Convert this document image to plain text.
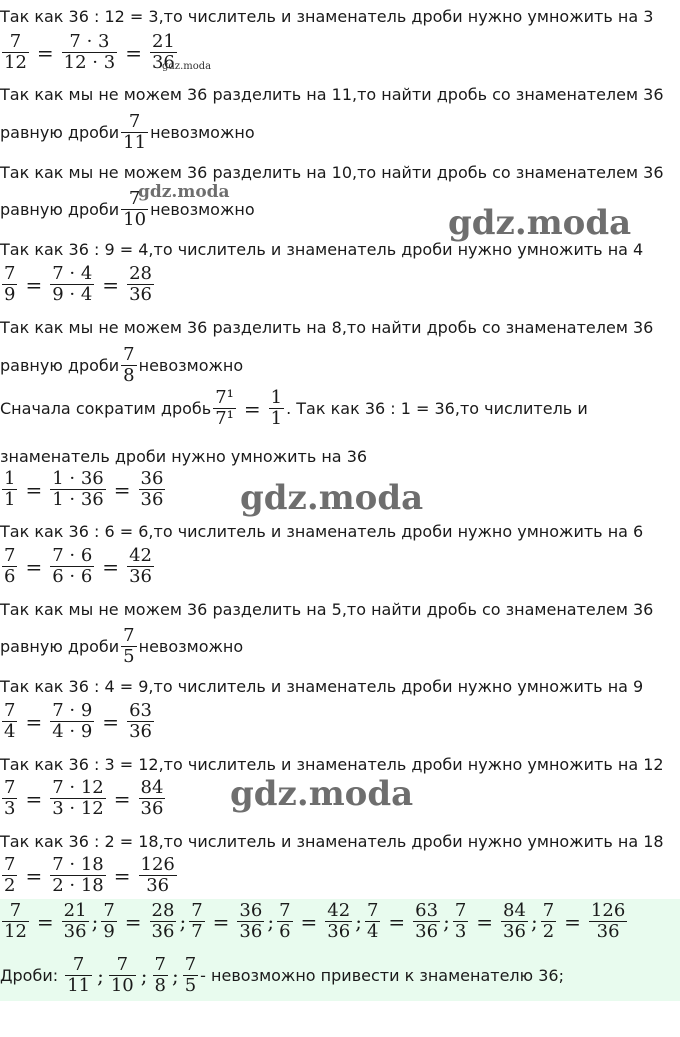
Так как 36 : 12 = 3,то числитель и знаменатель дроби нужно умножить на 3
$\frac{7}{12} = \frac{7 \cdot 3}{12 \cdot 3} = \frac{21}{36}$
gdz.moda
Так как мы не можем 36 разделить на 11,то найти дробь со знаменателем 36
равную дроби $\frac{7}{11}$ невозможно
Так как мы не можем 36 разделить на 10,то найти дробь со знаменателем 36
равную дроби $\frac{7}{10}$ невозможно
gdz.moda
gdz.moda
Так как 36 : 9 = 4,то числитель и знаменатель дроби нужно умножить на 4
$\frac{7}{9} = \frac{7 \cdot 4}{9 \cdot 4} = \frac{28}{36}$
Так как мы не можем 36 разделить на 8,то найти дробь со знаменателем 36
равную дроби $\frac{7}{8}$ невозможно
Сначала сократим дробь $\frac{\text{7¹}}{\text{7¹}} = \frac{1}{1}$ . Так как 36 : 1 = 36,то числитель и
знаменатель дроби нужно умножить на 36
$\frac{1}{1} = \frac{1 \cdot 36}{1 \cdot 36} = \frac{36}{36}$ gdz.moda
Так как 36 : 6 = 6,то числитель и знаменатель дроби нужно умножить на 6
$\frac{7}{6} = \frac{7 \cdot 6}{6 \cdot 6} = \frac{42}{36}$
Так как мы не можем 36 разделить на 5,то найти дробь со знаменателем 36
равную дроби $\frac{7}{5}$ невозможно
Так как 36 : 4 = 9,то числитель и знаменатель дроби нужно умножить на 9
$\frac{7}{4} = \frac{7 \cdot 9}{4 \cdot 9} = \frac{63}{36}$
Так как 36 : 3 = 12,то числитель и знаменатель дроби нужно умножить на 12
$\frac{7}{3} = \frac{7 \cdot 12}{3 \cdot 12} = \frac{84}{36}$ gdz.moda
Так как 36 : 2 = 18,то числитель и знаменатель дроби нужно умножить на 18
$\frac{7}{2} = \frac{7 \cdot 18}{2 \cdot 18} = \frac{126}{36}$
$\frac{7}{12} = \frac{21}{36}$ ; $\frac{7}{9} = \frac{28}{36}$ ; $\frac{7}{7} = \frac{36}{36}$ ; $\frac{7}{6} = \frac{42}{36}$ ; $\frac{7}{4} = \frac{63}{36}$ ; $\frac{7}{3} = \frac{84}{36}$ ; $\frac{7}{2} = \frac{126}{36}$
Дроби: $\frac{7}{11}$ ; $\frac{7}{10}$ ; $\frac{7}{8}$ ; $\frac{7}{5}$ - невозможно привести к знаменателю 36;
